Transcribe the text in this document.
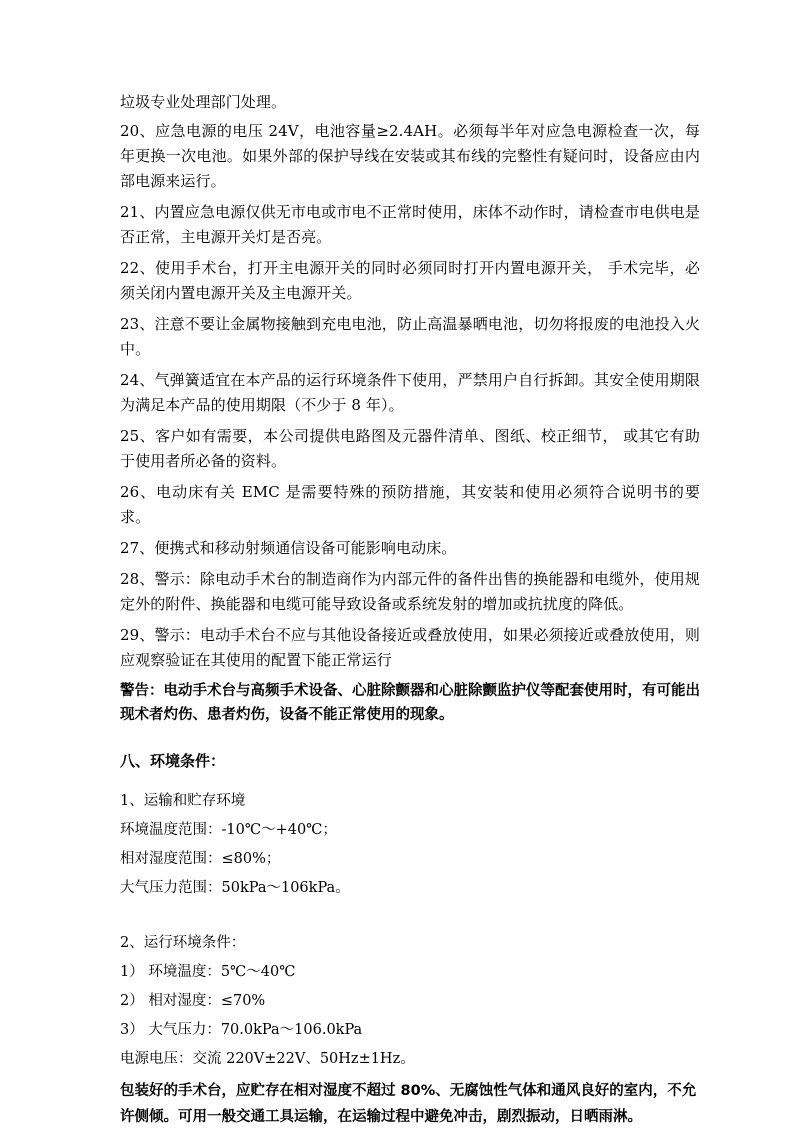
垃圾专业处理部门处理。

20、应急电源的电压 24V，电池容量≥2.4AH。必须每半年对应急电源检查一次，每年更换一次电池。如果外部的保护导线在安装或其布线的完整性有疑问时，设备应由内部电源来运行。

21、内置应急电源仅供无市电或市电不正常时使用，床体不动作时，请检查市电供电是否正常，主电源开关灯是否亮。

22、使用手术台，打开主电源开关的同时必须同时打开内置电源开关， 手术完毕，必须关闭内置电源开关及主电源开关。

23、注意不要让金属物接触到充电电池，防止高温暴晒电池，切勿将报废的电池投入火中。

24、气弹簧适宜在本产品的运行环境条件下使用，严禁用户自行拆卸。其安全使用期限为满足本产品的使用期限（不少于 8 年）。

25、客户如有需要，本公司提供电路图及元器件清单、图纸、校正细节， 或其它有助于使用者所必备的资料。

26、电动床有关 EMC 是需要特殊的预防措施，其安装和使用必须符合说明书的要求。

27、便携式和移动射频通信设备可能影响电动床。

28、警示：除电动手术台的制造商作为内部元件的备件出售的换能器和电缆外，使用规定外的附件、换能器和电缆可能导致设备或系统发射的增加或抗扰度的降低。

29、警示：电动手术台不应与其他设备接近或叠放使用，如果必须接近或叠放使用，则应观察验证在其使用的配置下能正常运行

警告：电动手术台与高频手术设备、心脏除颤器和心脏除颤监护仪等配套使用时，有可能出现术者灼伤、患者灼伤，设备不能正常使用的现象。

八、环境条件：

1、运输和贮存环境

环境温度范围：-10℃～+40℃；

相对湿度范围：≤80%；

大气压力范围：50kPa～106kPa。

2、运行环境条件：

1） 环境温度：5℃～40℃

2） 相对湿度：≤70%

3） 大气压力：70.0kPa～106.0kPa

电源电压：交流 220V±22V、50Hz±1Hz。

包装好的手术台，应贮存在相对湿度不超过 80%、无腐蚀性气体和通风良好的室内，不允许侧倾。可用一般交通工具运输，在运输过程中避免冲击，剧烈振动，日晒雨淋。
